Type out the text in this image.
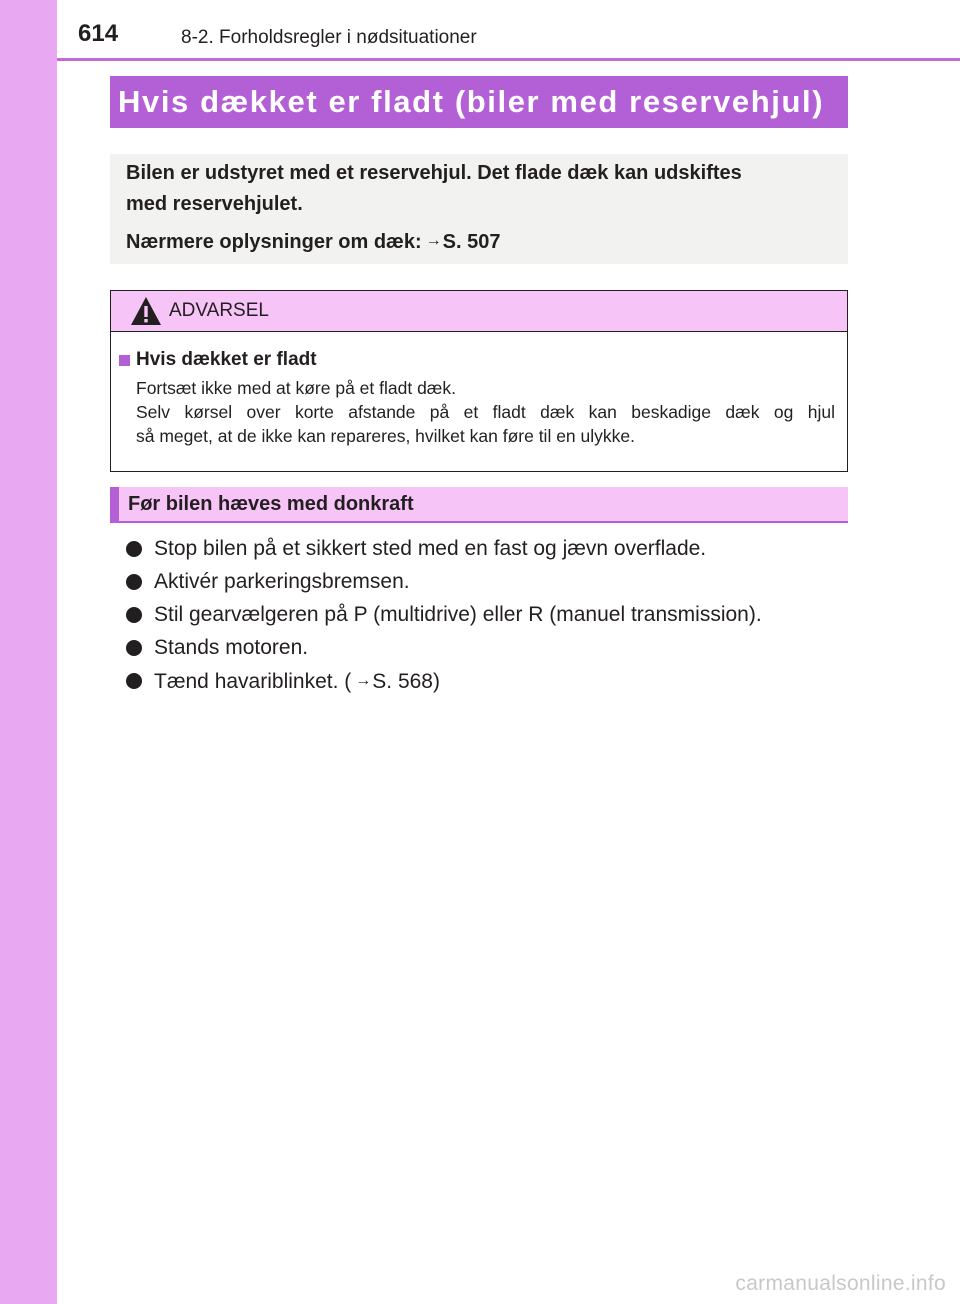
614	8-2. Forholdsregler i nødsituationer
Hvis dækket er fladt (biler med reservehjul)

Bilen er udstyret med et reservehjul. Det flade dæk kan udskiftes

med reservehjulet.

Nærmere oplysninger om dæk: →S. 507

ADVARSEL
Hvis dækket er fladt
Fortsæt ikke med at køre på et fladt dæk.
Selv kørsel over korte afstande på et fladt dæk kan beskadige dæk og hjul
så meget, at de ikke kan repareres, hvilket kan føre til en ulykke.
Før bilen hæves med donkraft
Stop bilen på et sikkert sted med en fast og jævn overflade.
Aktivér parkeringsbremsen.
Stil gearvælgeren på P (multidrive) eller R (manuel transmission).
Stands motoren.
Tænd havariblinket. ( →S. 568)
carmanualsonline.info
